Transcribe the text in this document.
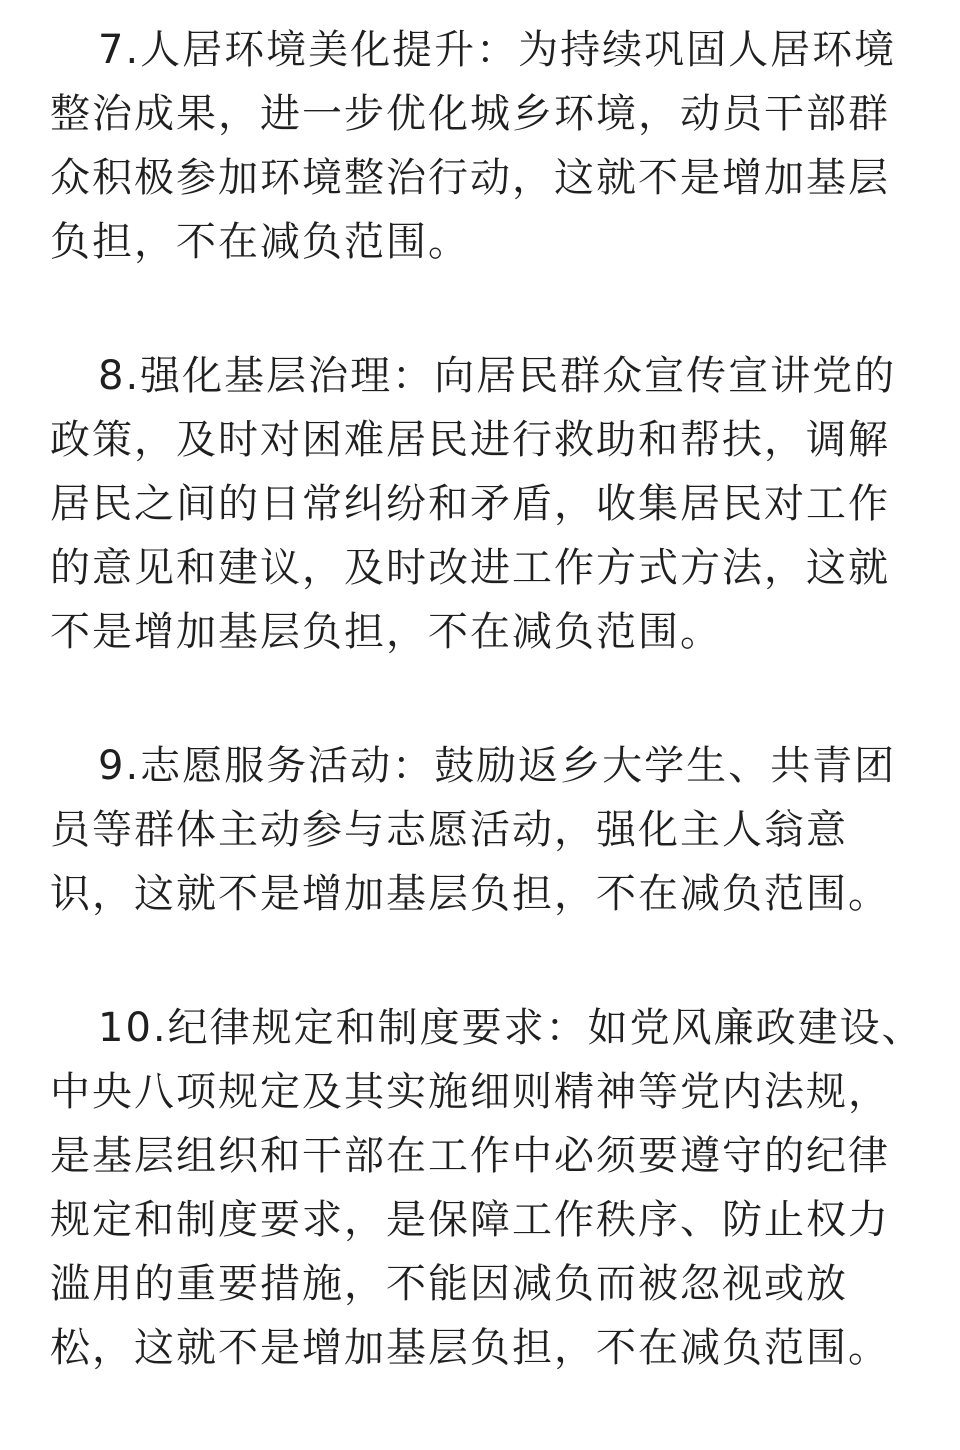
7.人居环境美化提升：为持续巩固人居环境
整治成果，进一步优化城乡环境，动员干部群
众积极参加环境整治行动，这就不是增加基层
负担，不在减负范围。
8.强化基层治理：向居民群众宣传宣讲党的
政策，及时对困难居民进行救助和帮扶，调解
居民之间的日常纠纷和矛盾，收集居民对工作
的意见和建议，及时改进工作方式方法，这就
不是增加基层负担，不在减负范围。
9.志愿服务活动：鼓励返乡大学生、共青团
员等群体主动参与志愿活动，强化主人翁意
识，这就不是增加基层负担，不在减负范围。
10.纪律规定和制度要求：如党风廉政建设、
中央八项规定及其实施细则精神等党内法规，
是基层组织和干部在工作中必须要遵守的纪律
规定和制度要求，是保障工作秩序、防止权力
滥用的重要措施，不能因减负而被忽视或放
松，这就不是增加基层负担，不在减负范围。
